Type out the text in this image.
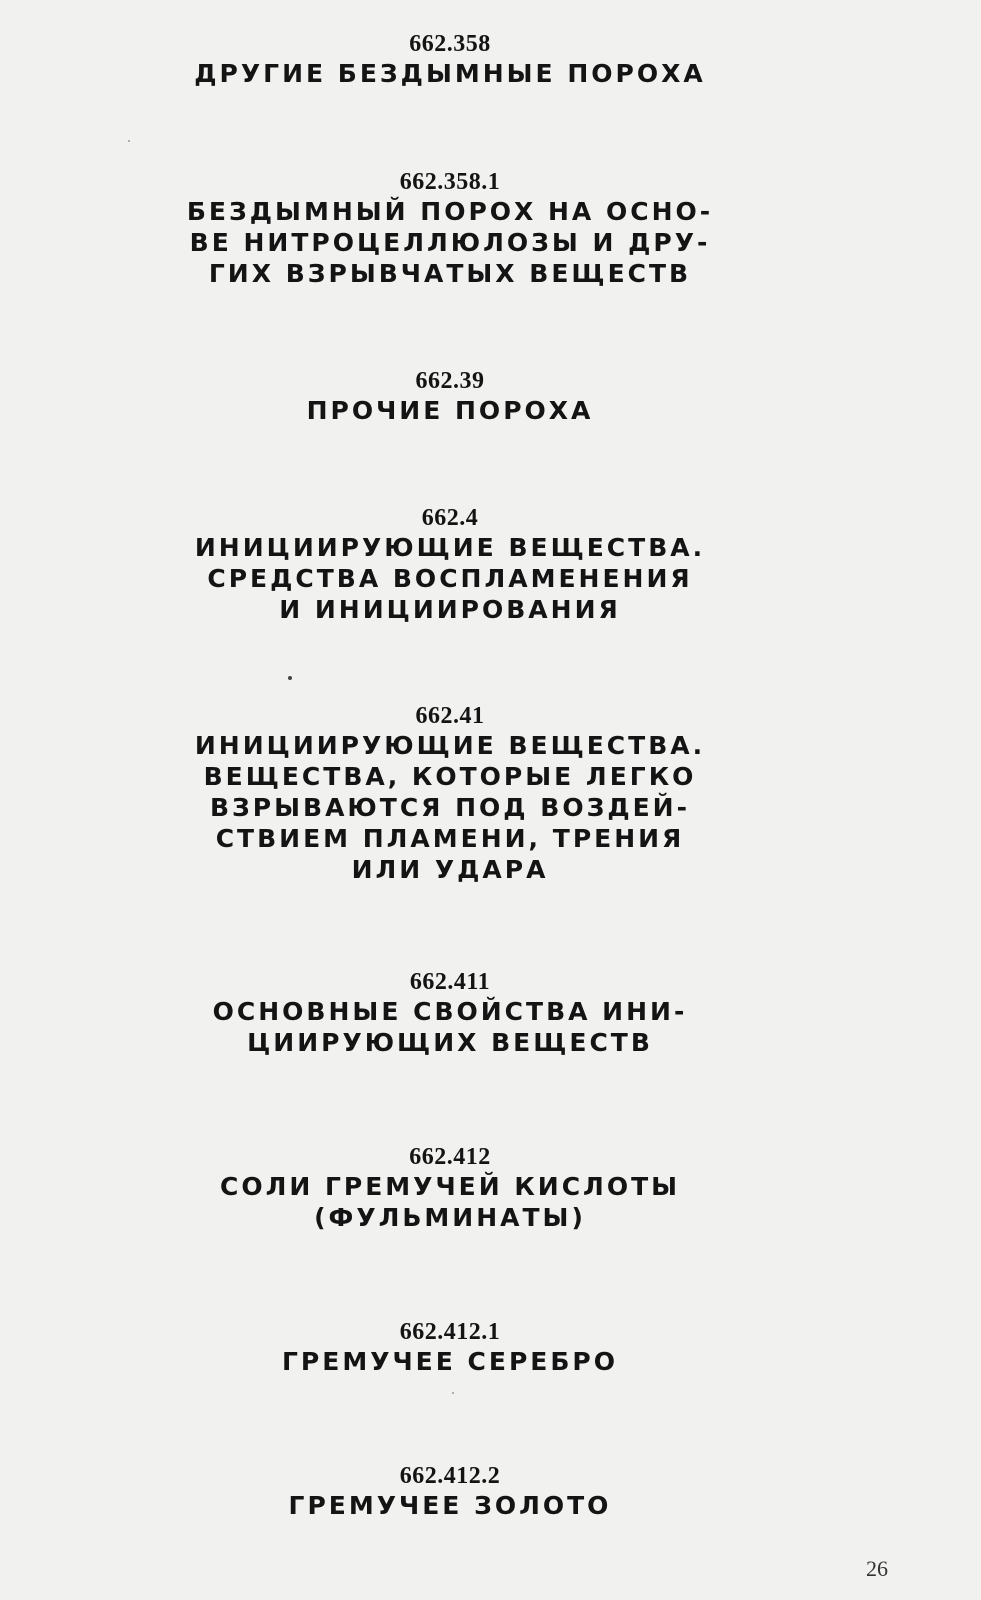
662.358
ДРУГИЕ БЕЗДЫМНЫЕ ПОРОХА
662.358.1
БЕЗДЫМНЫЙ ПОРОХ НА ОСНО-
ВЕ НИТРОЦЕЛЛЮЛОЗЫ И ДРУ-
ГИХ ВЗРЫВЧАТЫХ ВЕЩЕСТВ
662.39
ПРОЧИЕ ПОРОХА
662.4
ИНИЦИИРУЮЩИЕ ВЕЩЕСТВА.
СРЕДСТВА ВОСПЛАМЕНЕНИЯ
И ИНИЦИИРОВАНИЯ
662.41
ИНИЦИИРУЮЩИЕ ВЕЩЕСТВА.
ВЕЩЕСТВА, КОТОРЫЕ ЛЕГКО
ВЗРЫВАЮТСЯ ПОД ВОЗДЕЙ-
СТВИЕМ ПЛАМЕНИ, ТРЕНИЯ
ИЛИ УДАРА
662.411
ОСНОВНЫЕ СВОЙСТВА ИНИ-
ЦИИРУЮЩИХ ВЕЩЕСТВ
662.412
СОЛИ ГРЕМУЧЕЙ КИСЛОТЫ
(ФУЛЬМИНАТЫ)
662.412.1
ГРЕМУЧЕЕ СЕРЕБРО
662.412.2
ГРЕМУЧЕЕ ЗОЛОТО
26
